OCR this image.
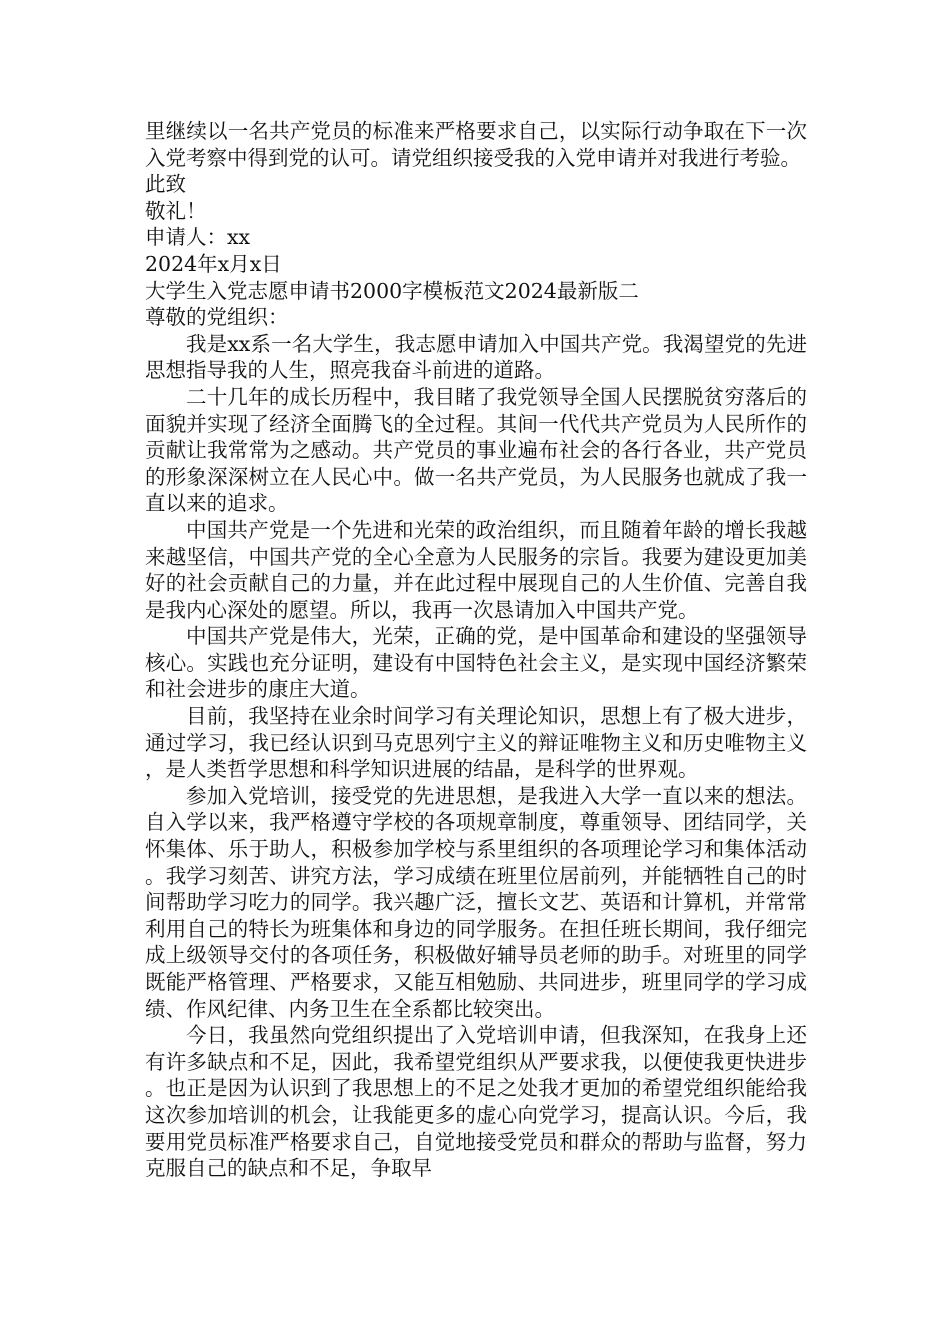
里继续以一名共产党员的标准来严格要求自己，以实际行动争取在下一次入党考察中得到党的认可。请党组织接受我的入党申请并对我进行考验。

此致

敬礼！

申请人：xx

2024年x月x日

大学生入党志愿申请书2000字模板范文2024最新版二

尊敬的党组织：

我是xx系一名大学生，我志愿申请加入中国共产党。我渴望党的先进思想指导我的人生，照亮我奋斗前进的道路。

二十几年的成长历程中，我目睹了我党领导全国人民摆脱贫穷落后的面貌并实现了经济全面腾飞的全过程。其间一代代共产党员为人民所作的贡献让我常常为之感动。共产党员的事业遍布社会的各行各业，共产党员的形象深深树立在人民心中。做一名共产党员，为人民服务也就成了我一直以来的追求。

中国共产党是一个先进和光荣的政治组织，而且随着年龄的增长我越来越坚信，中国共产党的全心全意为人民服务的宗旨。我要为建设更加美好的社会贡献自己的力量，并在此过程中展现自己的人生价值、完善自我是我内心深处的愿望。所以，我再一次恳请加入中国共产党。

中国共产党是伟大，光荣，正确的党，是中国革命和建设的坚强领导核心。实践也充分证明，建设有中国特色社会主义，是实现中国经济繁荣和社会进步的康庄大道。

目前，我坚持在业余时间学习有关理论知识，思想上有了极大进步，通过学习，我已经认识到马克思列宁主义的辩证唯物主义和历史唯物主义，是人类哲学思想和科学知识进展的结晶，是科学的世界观。

参加入党培训，接受党的先进思想，是我进入大学一直以来的想法。自入学以来，我严格遵守学校的各项规章制度，尊重领导、团结同学，关怀集体、乐于助人，积极参加学校与系里组织的各项理论学习和集体活动。我学习刻苦、讲究方法，学习成绩在班里位居前列，并能牺牲自己的时间帮助学习吃力的同学。我兴趣广泛，擅长文艺、英语和计算机，并常常利用自己的特长为班集体和身边的同学服务。在担任班长期间，我仔细完成上级领导交付的各项任务，积极做好辅导员老师的助手。对班里的同学既能严格管理、严格要求，又能互相勉励、共同进步，班里同学的学习成绩、作风纪律、内务卫生在全系都比较突出。

今日，我虽然向党组织提出了入党培训申请，但我深知，在我身上还有许多缺点和不足，因此，我希望党组织从严要求我，以便使我更快进步。也正是因为认识到了我思想上的不足之处我才更加的希望党组织能给我这次参加培训的机会，让我能更多的虚心向党学习，提高认识。今后，我要用党员标准严格要求自己，自觉地接受党员和群众的帮助与监督，努力克服自己的缺点和不足，争取早
